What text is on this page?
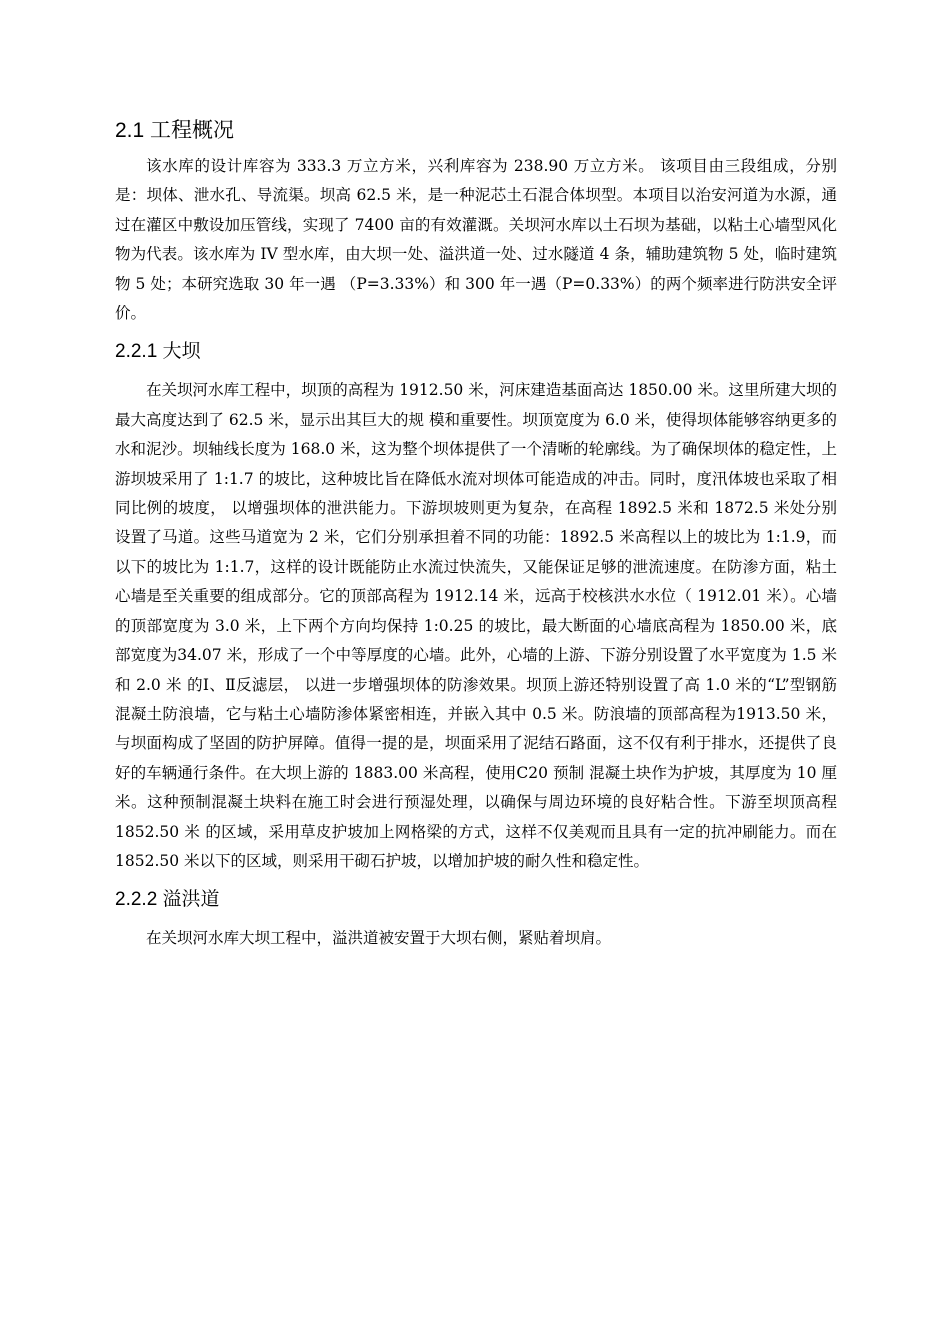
2.1 工程概况

该水库的设计库容为 333.3 万立方米，兴利库容为 238.90 万立方米。 该项目由三段组成，分别是：坝体、泄水孔、导流渠。坝高 62.5 米，是一种泥芯土石混合体坝型。本项目以治安河道为水源，通过在灌区中敷设加压管线，实现了 7400 亩的有效灌溉。关坝河水库以土石坝为基础，以粘土心墙型风化物为代表。该水库为 IV 型水库，由大坝一处、溢洪道一处、过水隧道 4 条，辅助建筑物 5 处，临时建筑物 5 处；本研究选取 30 年一遇 （P=3.33%）和 300 年一遇（P=0.33%）的两个频率进行防洪安全评价。

2.2.1 大坝

在关坝河水库工程中，坝顶的高程为 1912.50 米，河床建造基面高达 1850.00 米。这里所建大坝的最大高度达到了 62.5 米，显示出其巨大的规 模和重要性。坝顶宽度为 6.0 米，使得坝体能够容纳更多的水和泥沙。坝轴线长度为 168.0 米，这为整个坝体提供了一个清晰的轮廓线。为了确保坝体的稳定性，上游坝坡采用了 1:1.7 的坡比，这种坡比旨在降低水流对坝体可能造成的冲击。同时，度汛体坡也采取了相同比例的坡度， 以增强坝体的泄洪能力。下游坝坡则更为复杂，在高程 1892.5 米和 1872.5 米处分别设置了马道。这些马道宽为 2 米，它们分别承担着不同的功能：1892.5 米高程以上的坡比为 1:1.9，而以下的坡比为 1:1.7，这样的设计既能防止水流过快流失，又能保证足够的泄流速度。在防渗方面，粘土心墙是至关重要的组成部分。它的顶部高程为 1912.14 米，远高于校核洪水水位（ 1912.01 米）。心墙的顶部宽度为 3.0 米，上下两个方向均保持 1:0.25 的坡比，最大断面的心墙底高程为 1850.00 米，底部宽度为34.07 米，形成了一个中等厚度的心墙。此外，心墙的上游、下游分别设置了水平宽度为 1.5 米和 2.0 米 的Ⅰ、Ⅱ反滤层， 以进一步增强坝体的防渗效果。坝顶上游还特别设置了高 1.0 米的“L”型钢筋混凝土防浪墙，它与粘土心墙防渗体紧密相连，并嵌入其中 0.5 米。防浪墙的顶部高程为1913.50 米，与坝面构成了坚固的防护屏障。值得一提的是，坝面采用了泥结石路面，这不仅有利于排水，还提供了良好的车辆通行条件。在大坝上游的 1883.00 米高程，使用C20 预制 混凝土块作为护坡，其厚度为 10 厘米。这种预制混凝土块料在施工时会进行预湿处理，以确保与周边环境的良好粘合性。下游至坝顶高程 1852.50 米 的区域，采用草皮护坡加上网格梁的方式，这样不仅美观而且具有一定的抗冲刷能力。而在 1852.50 米以下的区域，则采用干砌石护坡，以增加护坡的耐久性和稳定性。

2.2.2 溢洪道

在关坝河水库大坝工程中，溢洪道被安置于大坝右侧，紧贴着坝肩。
